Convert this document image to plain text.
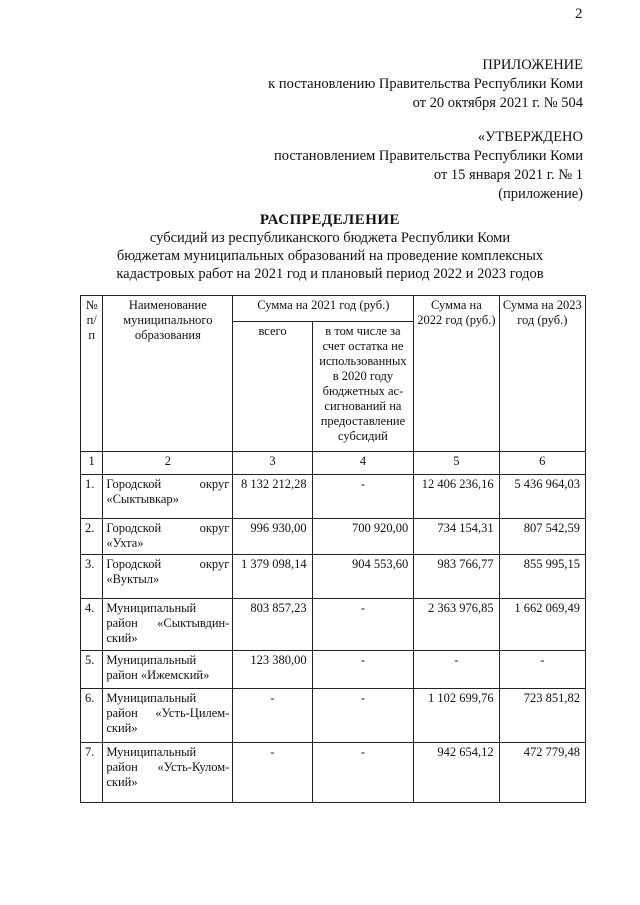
2
ПРИЛОЖЕНИЕ
к постановлению Правительства Республики Коми
от 20 октября 2021 г. № 504
«УТВЕРЖДЕНО
постановлением Правительства Республики Коми
от 15 января 2021 г. № 1
(приложение)
РАСПРЕДЕЛЕНИЕ
субсидий из республиканского бюджета Республики Коми
бюджетам муниципальных образований на проведение комплексных
кадастровых работ на 2021 год и плановый период 2022 и 2023 годов
№ п/п	Наименование муниципального образования	Сумма на 2021 год (руб.)		Сумма на 2022 год (руб.)	Сумма на 2023 год (руб.)
		всего	в том числе за счет остатка не использованных в 2020 году бюджетных ас-сигнований на предоставление субсидий		
1	2	3	4	5	6
1.	Городской округ «Сыктывкар»	8 132 212,28	-	12 406 236,16	5 436 964,03
2.	Городской округ «Ухта»	996 930,00	700 920,00	734 154,31	807 542,59
3.	Городской округ «Вуктыл»	1 379 098,14	904 553,60	983 766,77	855 995,15
4.	Муниципальный район «Сыктывдин-ский»	803 857,23	-	2 363 976,85	1 662 069,49
5.	Муниципальный район «Ижемский»	123 380,00	-	-	-
6.	Муниципальный район «Усть-Цилем-ский»	-	-	1 102 699,76	723 851,82
7.	Муниципальный район «Усть-Кулом-ский»	-	-	942 654,12	472 779,48
